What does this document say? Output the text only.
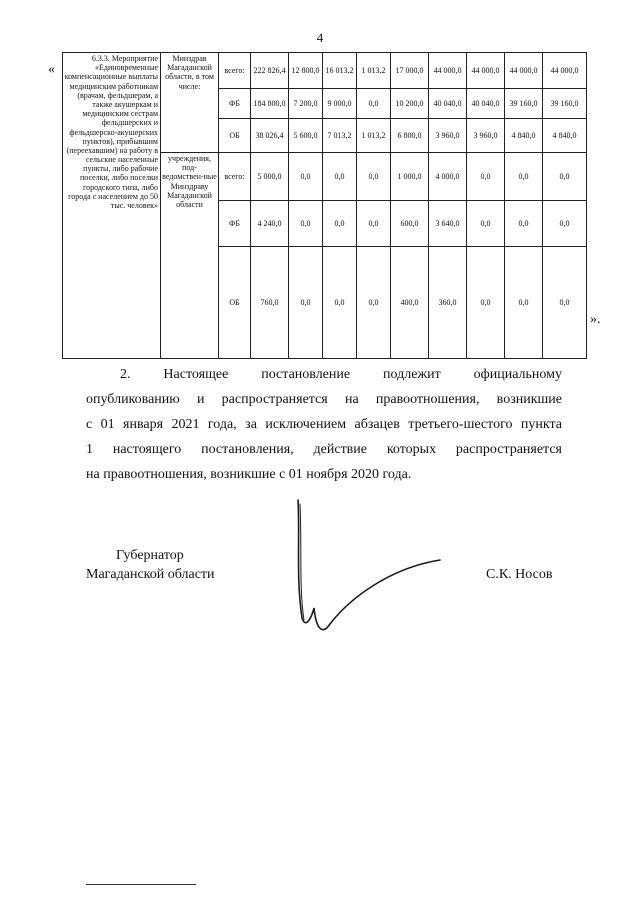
4
«
6.3.3. Мероприятие «Единовременные компенсационные выплаты медицинским работникам (врачам, фельдшерам, а также акушеркам и медицинским сестрам фельдшерских и фельдшерско-акушерских пунктов), прибывшим (переехавшим) на работу в сельские населенные пункты, либо рабочие поселки, либо поселки городского типа, либо города с населением до 50 тыс. человек»	Минздрав Магаданской области, в том числе:	всего:	222 826,4	12 800,0	16 013,2	1 013,2	17 000,0	44 000,0	44 000,0	44 000,0	44 000,0
		ФБ	184 800,0	7 200,0	9 000,0	0,0	10 200,0	40 040,0	40 040,0	39 160,0	39 160,0
		ОБ	38 026,4	5 600,0	7 013,2	1 013,2	6 800,0	3 960,0	3 960,0	4 840,0	4 840,0
	учреждения, под-ведомствен-ные Минздраву Магаданской области	всего:	5 000,0	0,0	0,0	0,0	1 000,0	4 000,0	0,0	0,0	0,0
		ФБ	4 240,0	0,0	0,0	0,0	600,0	3 640,0	0,0	0,0	0,0
		ОБ	760,0	0,0	0,0	0,0	400,0	360,0	0,0	0,0	0,0
».
2. Настоящее постановление подлежит официальному
опубликованию и распространяется на правоотношения, возникшие
с 01 января 2021 года, за исключением абзацев третьего-шестого пункта
1 настоящего постановления, действие которых распространяется
на правоотношения, возникшие с 01 ноября 2020 года.
Губернатор
Магаданской области	С.К. Носов
